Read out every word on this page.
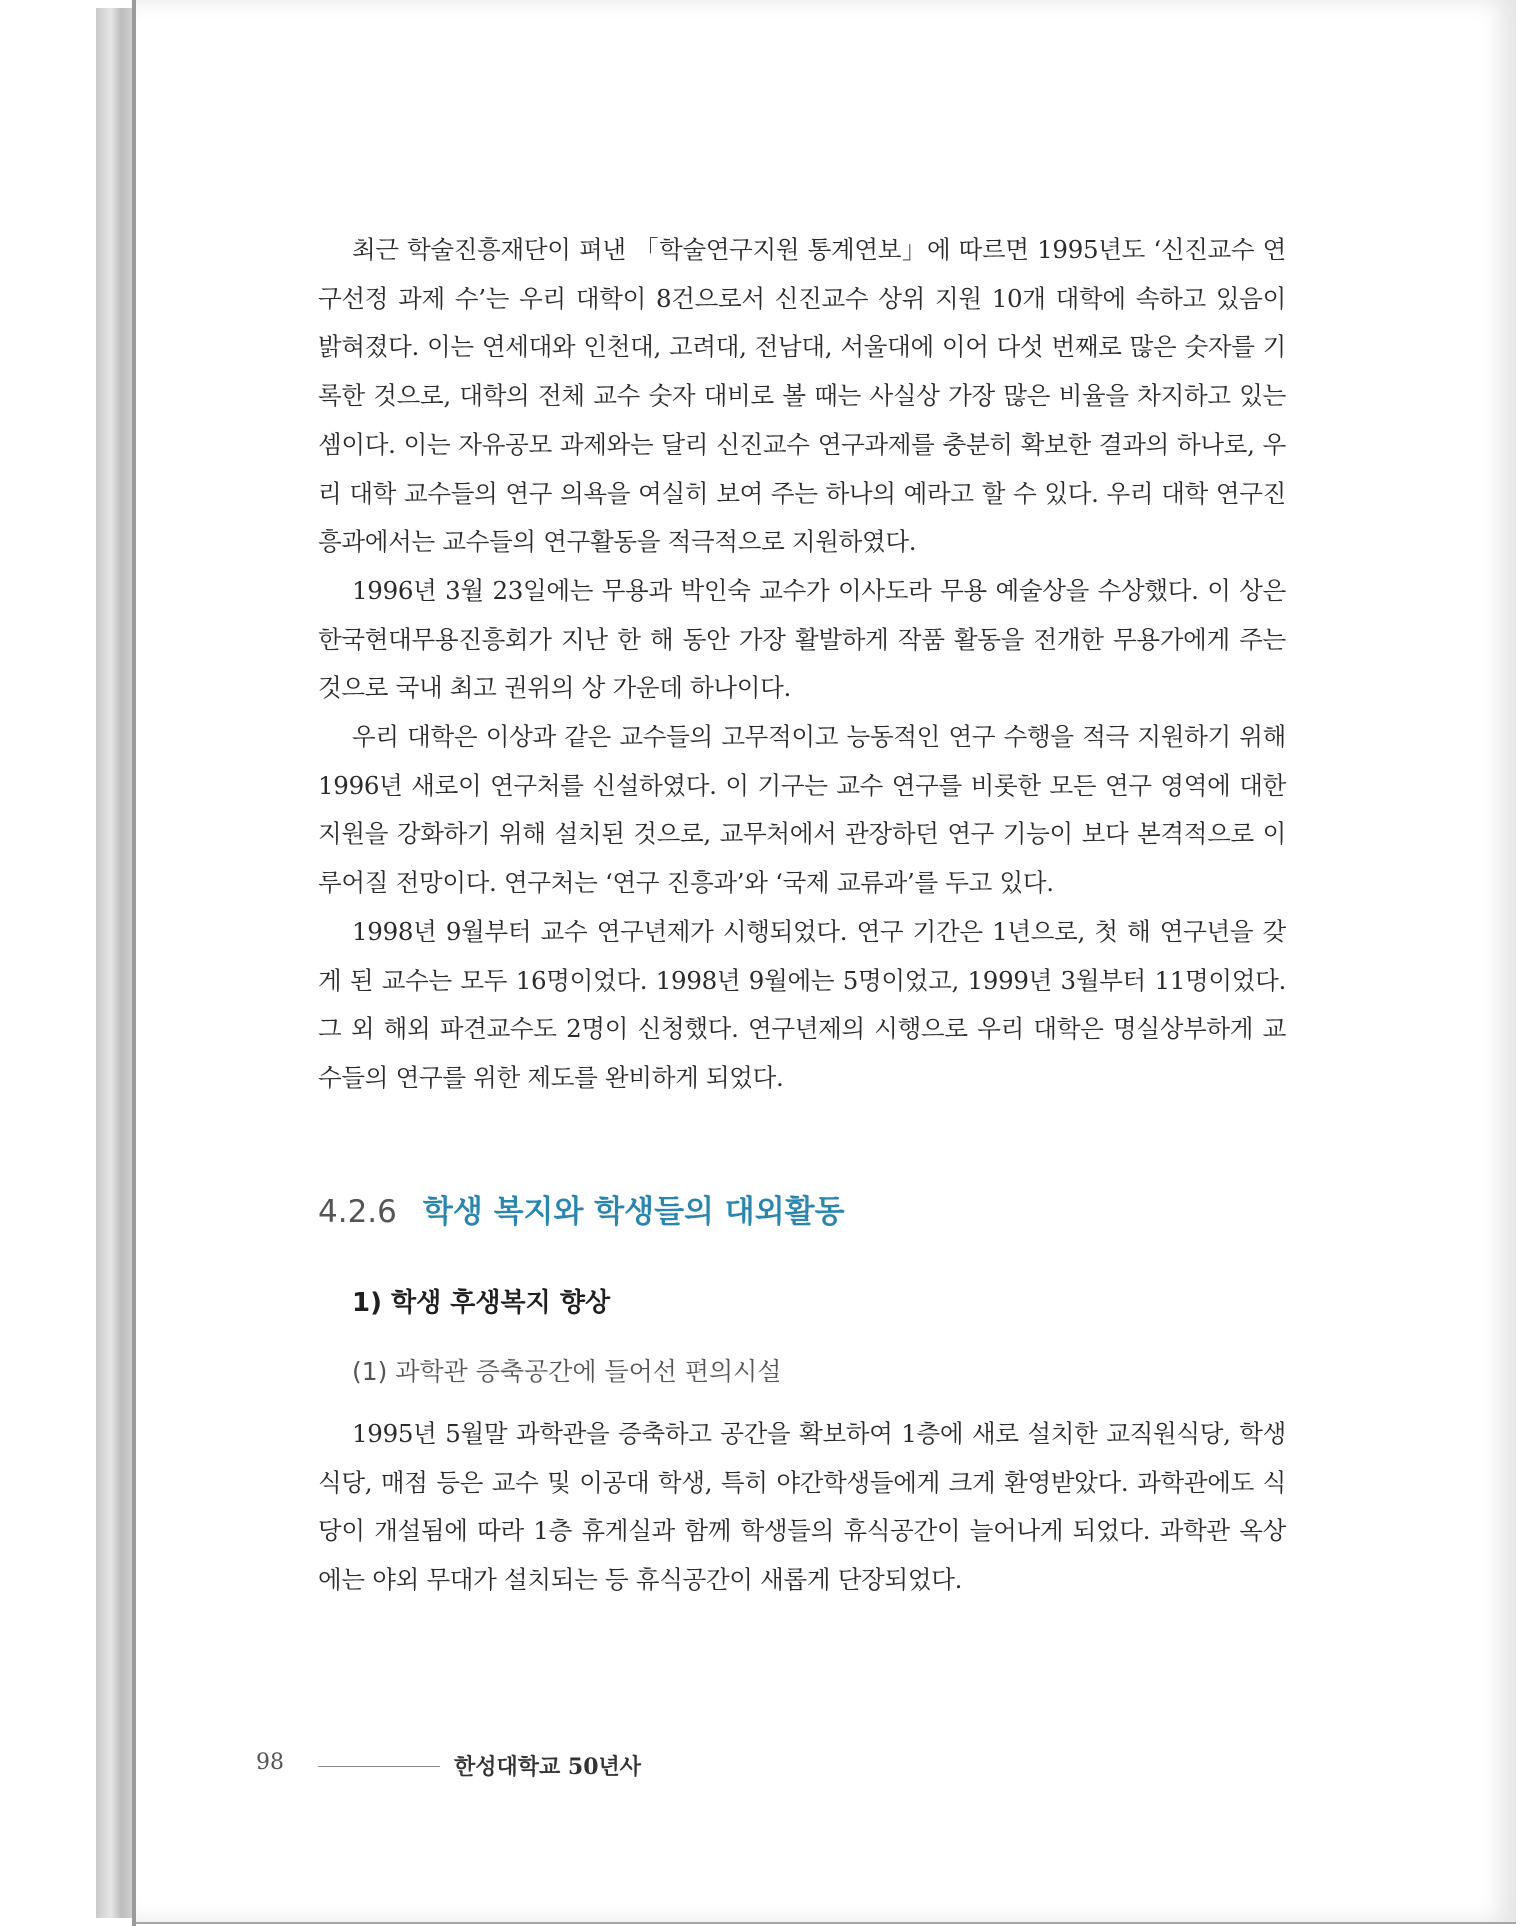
최근 학술진흥재단이 펴낸 「학술연구지원 통계연보」에 따르면 1995년도 ‘신진교수 연구선정 과제 수’는 우리 대학이 8건으로서 신진교수 상위 지원 10개 대학에 속하고 있음이 밝혀졌다. 이는 연세대와 인천대, 고려대, 전남대, 서울대에 이어 다섯 번째로 많은 숫자를 기록한 것으로, 대학의 전체 교수 숫자 대비로 볼 때는 사실상 가장 많은 비율을 차지하고 있는 셈이다. 이는 자유공모 과제와는 달리 신진교수 연구과제를 충분히 확보한 결과의 하나로, 우리 대학 교수들의 연구 의욕을 여실히 보여 주는 하나의 예라고 할 수 있다. 우리 대학 연구진흥과에서는 교수들의 연구활동을 적극적으로 지원하였다.

1996년 3월 23일에는 무용과 박인숙 교수가 이사도라 무용 예술상을 수상했다. 이 상은 한국현대무용진흥회가 지난 한 해 동안 가장 활발하게 작품 활동을 전개한 무용가에게 주는 것으로 국내 최고 권위의 상 가운데 하나이다.

우리 대학은 이상과 같은 교수들의 고무적이고 능동적인 연구 수행을 적극 지원하기 위해 1996년 새로이 연구처를 신설하였다. 이 기구는 교수 연구를 비롯한 모든 연구 영역에 대한 지원을 강화하기 위해 설치된 것으로, 교무처에서 관장하던 연구 기능이 보다 본격적으로 이루어질 전망이다. 연구처는 ‘연구 진흥과’와 ‘국제 교류과’를 두고 있다.

1998년 9월부터 교수 연구년제가 시행되었다. 연구 기간은 1년으로, 첫 해 연구년을 갖게 된 교수는 모두 16명이었다. 1998년 9월에는 5명이었고, 1999년 3월부터 11명이었다. 그 외 해외 파견교수도 2명이 신청했다. 연구년제의 시행으로 우리 대학은 명실상부하게 교수들의 연구를 위한 제도를 완비하게 되었다.

4.2.6 학생 복지와 학생들의 대외활동
1) 학생 후생복지 향상
(1) 과학관 증축공간에 들어선 편의시설

1995년 5월말 과학관을 증축하고 공간을 확보하여 1층에 새로 설치한 교직원식당, 학생식당, 매점 등은 교수 및 이공대 학생, 특히 야간학생들에게 크게 환영받았다. 과학관에도 식당이 개설됨에 따라 1층 휴게실과 함께 학생들의 휴식공간이 늘어나게 되었다. 과학관 옥상에는 야외 무대가 설치되는 등 휴식공간이 새롭게 단장되었다.

98	한성대학교 50년사
